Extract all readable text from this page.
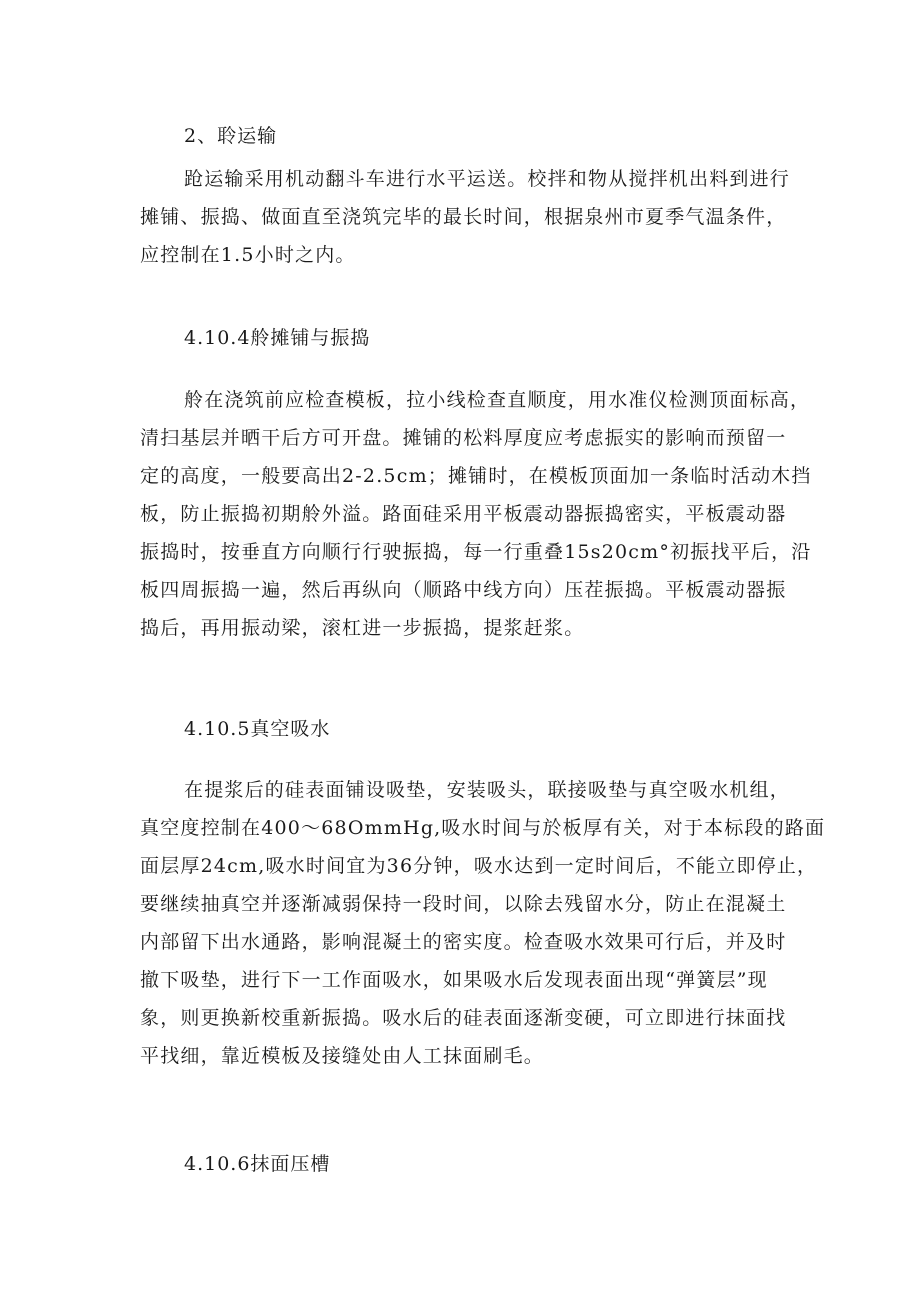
2、聆运输
跄运输采用机动翻斗车进行水平运送。校拌和物从搅拌机出料到进行
摊铺、振捣、做面直至浇筑完毕的最长时间，根据泉州市夏季气温条件，
应控制在1.5小时之内。
4.10.4舲摊铺与振捣
舲在浇筑前应检查模板，拉小线检查直顺度，用水准仪检测顶面标高，
清扫基层并晒干后方可开盘。摊铺的松料厚度应考虑振实的影响而预留一
定的高度，一般要高出2-2.5cm；摊铺时，在模板顶面加一条临时活动木挡
板，防止振捣初期舲外溢。路面硅采用平板震动器振捣密实，平板震动器
振捣时，按垂直方向顺行行驶振捣，每一行重叠15s20cm°初振找平后，沿
板四周振捣一遍，然后再纵向（顺路中线方向）压茬振捣。平板震动器振
捣后，再用振动梁，滚杠进一步振捣，提浆赶浆。
4.10.5真空吸水
在提浆后的硅表面铺设吸垫，安装吸头，联接吸垫与真空吸水机组，
真空度控制在400～68OmmHg,吸水时间与於板厚有关，对于本标段的路面
面层厚24cm,吸水时间宜为36分钟，吸水达到一定时间后，不能立即停止，
要继续抽真空并逐渐减弱保持一段时间，以除去残留水分，防止在混凝土
内部留下出水通路，影响混凝土的密实度。检查吸水效果可行后，并及时
撤下吸垫，进行下一工作面吸水，如果吸水后发现表面出现“弹簧层”现
象，则更换新校重新振捣。吸水后的硅表面逐渐变硬，可立即进行抹面找
平找细，靠近模板及接缝处由人工抹面刷毛。
4.10.6抹面压槽
